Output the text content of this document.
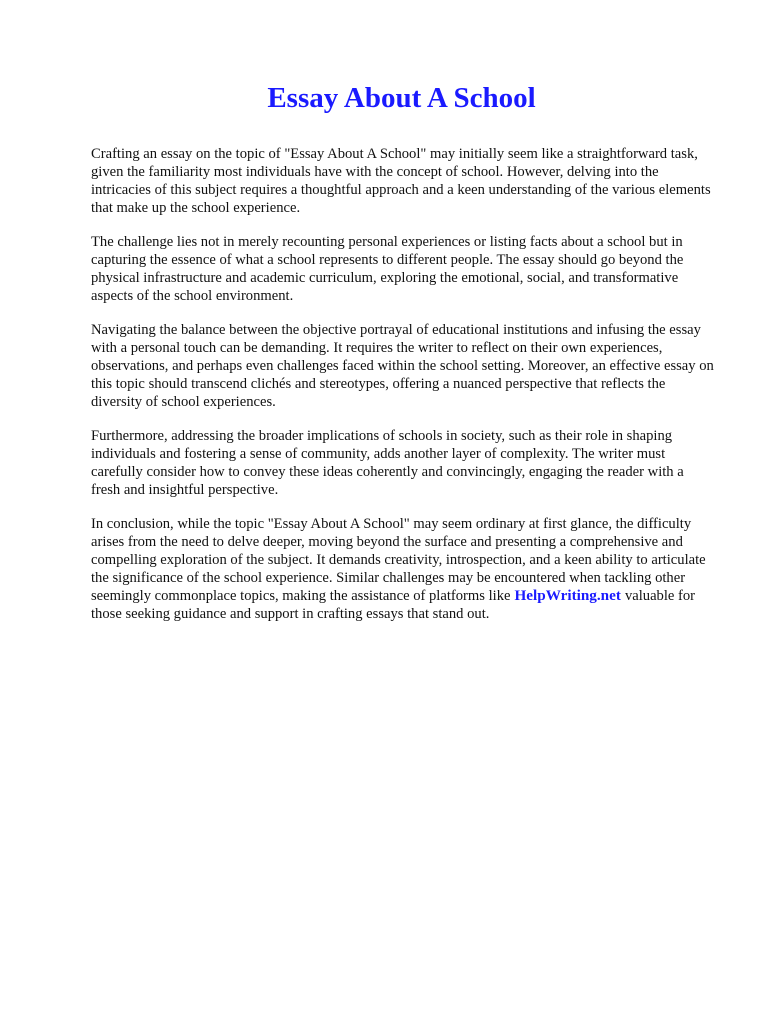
Essay About A School

Crafting an essay on the topic of "Essay About A School" may initially seem like a straightforward task, given the familiarity most individuals have with the concept of school. However, delving into the intricacies of this subject requires a thoughtful approach and a keen understanding of the various elements that make up the school experience.

The challenge lies not in merely recounting personal experiences or listing facts about a school but in capturing the essence of what a school represents to different people. The essay should go beyond the physical infrastructure and academic curriculum, exploring the emotional, social, and transformative aspects of the school environment.

Navigating the balance between the objective portrayal of educational institutions and infusing the essay with a personal touch can be demanding. It requires the writer to reflect on their own experiences, observations, and perhaps even challenges faced within the school setting. Moreover, an effective essay on this topic should transcend clichés and stereotypes, offering a nuanced perspective that reflects the diversity of school experiences.

Furthermore, addressing the broader implications of schools in society, such as their role in shaping individuals and fostering a sense of community, adds another layer of complexity. The writer must carefully consider how to convey these ideas coherently and convincingly, engaging the reader with a fresh and insightful perspective.

In conclusion, while the topic "Essay About A School" may seem ordinary at first glance, the difficulty arises from the need to delve deeper, moving beyond the surface and presenting a comprehensive and compelling exploration of the subject. It demands creativity, introspection, and a keen ability to articulate the significance of the school experience. Similar challenges may be encountered when tackling other seemingly commonplace topics, making the assistance of platforms like HelpWriting.net valuable for those seeking guidance and support in crafting essays that stand out.
